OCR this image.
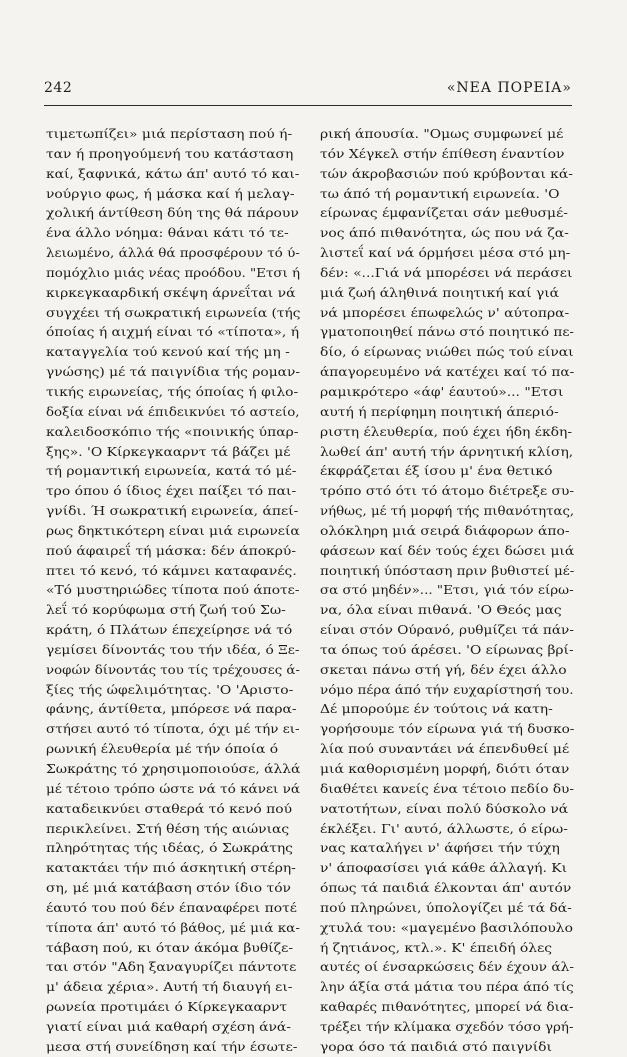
242	«ΝΕΑ ΠΟΡΕΙΑ»
τιμετωπίζει» μιά περίσταση πού ή-
ταν ή προηγούμενή του κατάσταση
καί, ξαφνικά, κάτω άπ' αυτό τό και-
νούργιο φως, ή μάσκα καί ή μελαγ-
χολική άντίθεση δύη της θά πάρουν
ένα άλλο νόημα: θάναι κάτι τό τε-
λειωμένο, άλλά θά προσφέρουν τό ύ-
πομόχλιο μιάς νέας προόδου. "Ετσι ή
κιρκεγκααρδική σκέψη άρνεΐται νά
συγχέει τή σωκρατική ειρωνεία (τής
όποίας ή αιχμή είναι τό «τίποτα», ή
καταγγελία τού κενού καί τής μη -
γνώσης) μέ τά παιγνίδια τής ρομαν-
τικής ειρωνείας, τής όποίας ή φιλο-
δοξία είναι νά έπιδεικνύει τό αστείο,
καλειδοσκόπιο τής «ποινικής ύπαρ-
ξης». 'Ο Κίρκεγκααρντ τά βάζει μέ
τή ρομαντική ειρωνεία, κατά τό μέ-
τρο όπου ό ίδιος έχει παίξει τό παι-
γνίδι. Ή σωκρατική ειρωνεία, άπεί-
ρως δηκτικότερη είναι μιά ειρωνεία
πού άφαιρεΐ τή μάσκα: δέν άποκρύ-
πτει τό κενό, τό κάμνει καταφανές.
«Τό μυστηριώδες τίποτα πού άποτε-
λεΐ τό κορύφωμα στή ζωή τού Σω-
κράτη, ό Πλάτων έπεχείρησε νά τό
γεμίσει δίνοντάς του τήν ιδέα, ό Ξε-
νοφών δίνοντάς του τίς τρέχουσες ά-
ξίες τής ώφελιμότητας. 'Ο 'Αριστο-
φάνης, άντίθετα, μπόρεσε νά παρα-
στήσει αυτό τό τίποτα, όχι μέ τήν ει-
ρωνική έλευθερία μέ τήν όποία ό
Σωκράτης τό χρησιμοποιούσε, άλλά
μέ τέτοιο τρόπο ώστε νά τό κάνει νά
καταδεικνύει σταθερά τό κενό πού
περικλείνει. Στή θέση τής αιώνιας
πληρότητας τής ιδέας, ό Σωκράτης
κατακτάει τήν πιό άσκητική στέρη-
ση, μέ μιά κατάβαση στόν ίδιο τόν
έαυτό του πού δέν έπαναφέρει ποτέ
τίποτα άπ' αυτό τό βάθος, μέ μιά κα-
τάβαση πού, κι όταν άκόμα βυθίζε-
ται στόν "Αδη ξαναγυρίζει πάντοτε
μ' άδεια χέρια». Αυτή τή διαυγή ει-
ρωνεία προτιμάει ό Κίρκεγκααρντ
γιατί είναι μιά καθαρή σχέση άνά-
μεσα στή συνείδηση καί τήν έσωτε-
ρική άπουσία. "Ομως συμφωνεί μέ
τόν Χέγκελ στήν έπίθεση έναντίον
τών άκροβασιών πού κρύβονται κά-
τω άπό τή ρομαντική ειρωνεία. 'Ο
είρωνας έμφανίζεται σάν μεθυσμέ-
νος άπό πιθανότητα, ώς που νά ζα-
λιστεΐ καί νά όρμήσει μέσα στό μη-
δέν: «...Γιά νά μπορέσει νά περάσει
μιά ζωή άληθινά ποιητική καί γιά
νά μπορέσει έπωφελώς ν' αύτοπρα-
γματοποιηθεί πάνω στό ποιητικό πε-
δίο, ό είρωνας νιώθει πώς τού είναι
άπαγορευμένο νά κατέχει καί τό πα-
ραμικρότερο «άφ' έαυτού»... "Ετσι
αυτή ή περίφημη ποιητική άπεριό-
ριστη έλευθερία, πού έχει ήδη έκδη-
λωθεί άπ' αυτή τήν άρνητική κλίση,
έκφράζεται έξ ίσου μ' ένα θετικό
τρόπο στό ότι τό άτομο διέτρεξε συ-
νήθως, μέ τή μορφή τής πιθανότητας,
ολόκληρη μιά σειρά διάφορων άπο-
φάσεων καί δέν τούς έχει δώσει μιά
ποιητική ύπόσταση πριν βυθιστεί μέ-
σα στό μηδέν»... "Ετσι, γιά τόν είρω-
να, όλα είναι πιθανά. 'Ο Θεός μας
είναι στόν Ούρανό, ρυθμίζει τά πάν-
τα όπως τού άρέσει. 'Ο είρωνας βρί-
σκεται πάνω στή γή, δέν έχει άλλο
νόμο πέρα άπό τήν ευχαρίστησή του.
Δέ μπορούμε έν τούτοις νά κατη-
γορήσουμε τόν είρωνα γιά τή δυσκο-
λία πού συναντάει νά έπενδυθεί μέ
μιά καθορισμένη μορφή, διότι όταν
διαθέτει κανείς ένα τέτοιο πεδίο δυ-
νατοτήτων, είναι πολύ δύσκολο νά
έκλέξει. Γι' αυτό, άλλωστε, ό είρω-
νας καταλήγει ν' άφήσει τήν τύχη
ν' άποφασίσει γιά κάθε άλλαγή. Κι
όπως τά παιδιά έλκονται άπ' αυτόν
πού πληρώνει, ύπολογίζει μέ τά δά-
χτυλά του: «μαγεμένο βασιλόπουλο
ή ζητιάνος, κτλ.». Κ' έπειδή όλες
αυτές οί ένσαρκώσεις δέν έχουν άλ-
λην άξία στά μάτια του πέρα άπό τίς
καθαρές πιθανότητες, μπορεί νά δια-
τρέξει τήν κλίμακα σχεδόν τόσο γρή-
γορα όσο τά παιδιά στό παιγνίδι
